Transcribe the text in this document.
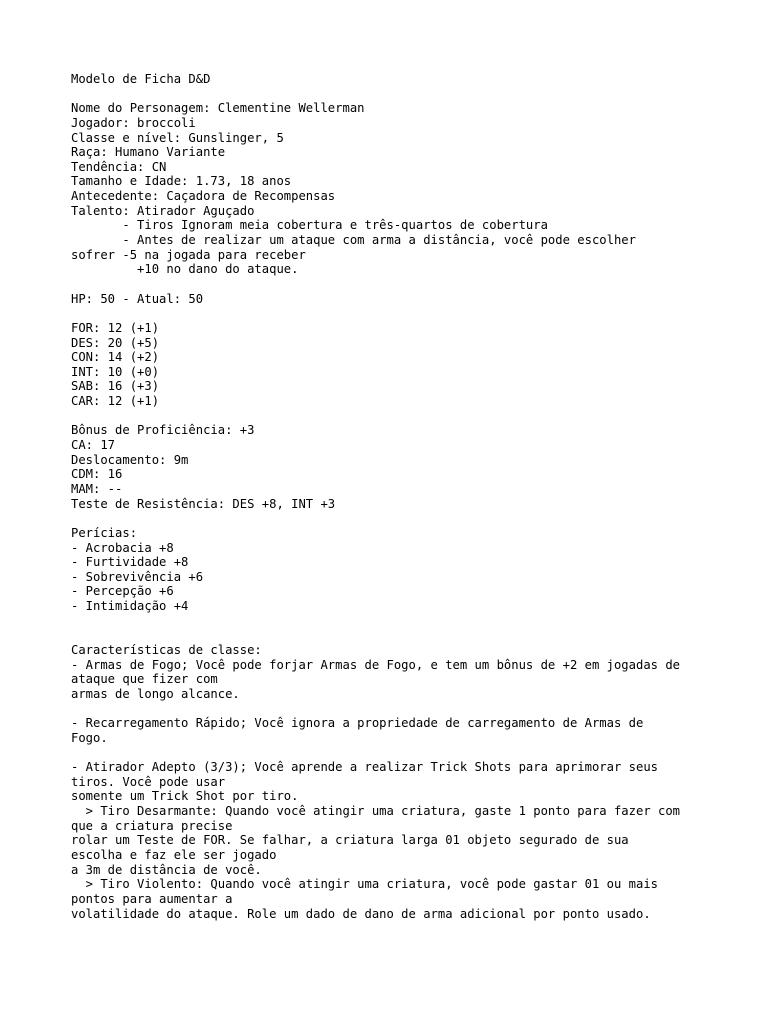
Modelo de Ficha D&D
Nome do Personagem: Clementine Wellerman
Jogador: broccoli
Classe e nível: Gunslinger, 5
Raça: Humano Variante
Tendência: CN
Tamanho e Idade: 1.73, 18 anos
Antecedente: Caçadora de Recompensas
Talento: Atirador Aguçado
- Tiros Ignoram meia cobertura e três-quartos de cobertura
- Antes de realizar um ataque com arma a distância, você pode escolher
sofrer -5 na jogada para receber
+10 no dano do ataque.
HP: 50 - Atual: 50
FOR: 12 (+1)
DES: 20 (+5)
CON: 14 (+2)
INT: 10 (+0)
SAB: 16 (+3)
CAR: 12 (+1)
Bônus de Proficiência: +3
CA: 17
Deslocamento: 9m
CDM: 16
MAM: --
Teste de Resistência: DES +8, INT +3
Perícias:
- Acrobacia +8
- Furtividade +8
- Sobrevivência +6
- Percepção +6
- Intimidação +4
Características de classe:
- Armas de Fogo; Você pode forjar Armas de Fogo, e tem um bônus de +2 em jogadas de
ataque que fizer com
armas de longo alcance.
- Recarregamento Rápido; Você ignora a propriedade de carregamento de Armas de
Fogo.
- Atirador Adepto (3/3); Você aprende a realizar Trick Shots para aprimorar seus
tiros. Você pode usar
somente um Trick Shot por tiro.
> Tiro Desarmante: Quando você atingir uma criatura, gaste 1 ponto para fazer com
que a criatura precise
rolar um Teste de FOR. Se falhar, a criatura larga 01 objeto segurado de sua
escolha e faz ele ser jogado
a 3m de distância de você.
> Tiro Violento: Quando você atingir uma criatura, você pode gastar 01 ou mais
pontos para aumentar a
volatilidade do ataque. Role um dado de dano de arma adicional por ponto usado.
